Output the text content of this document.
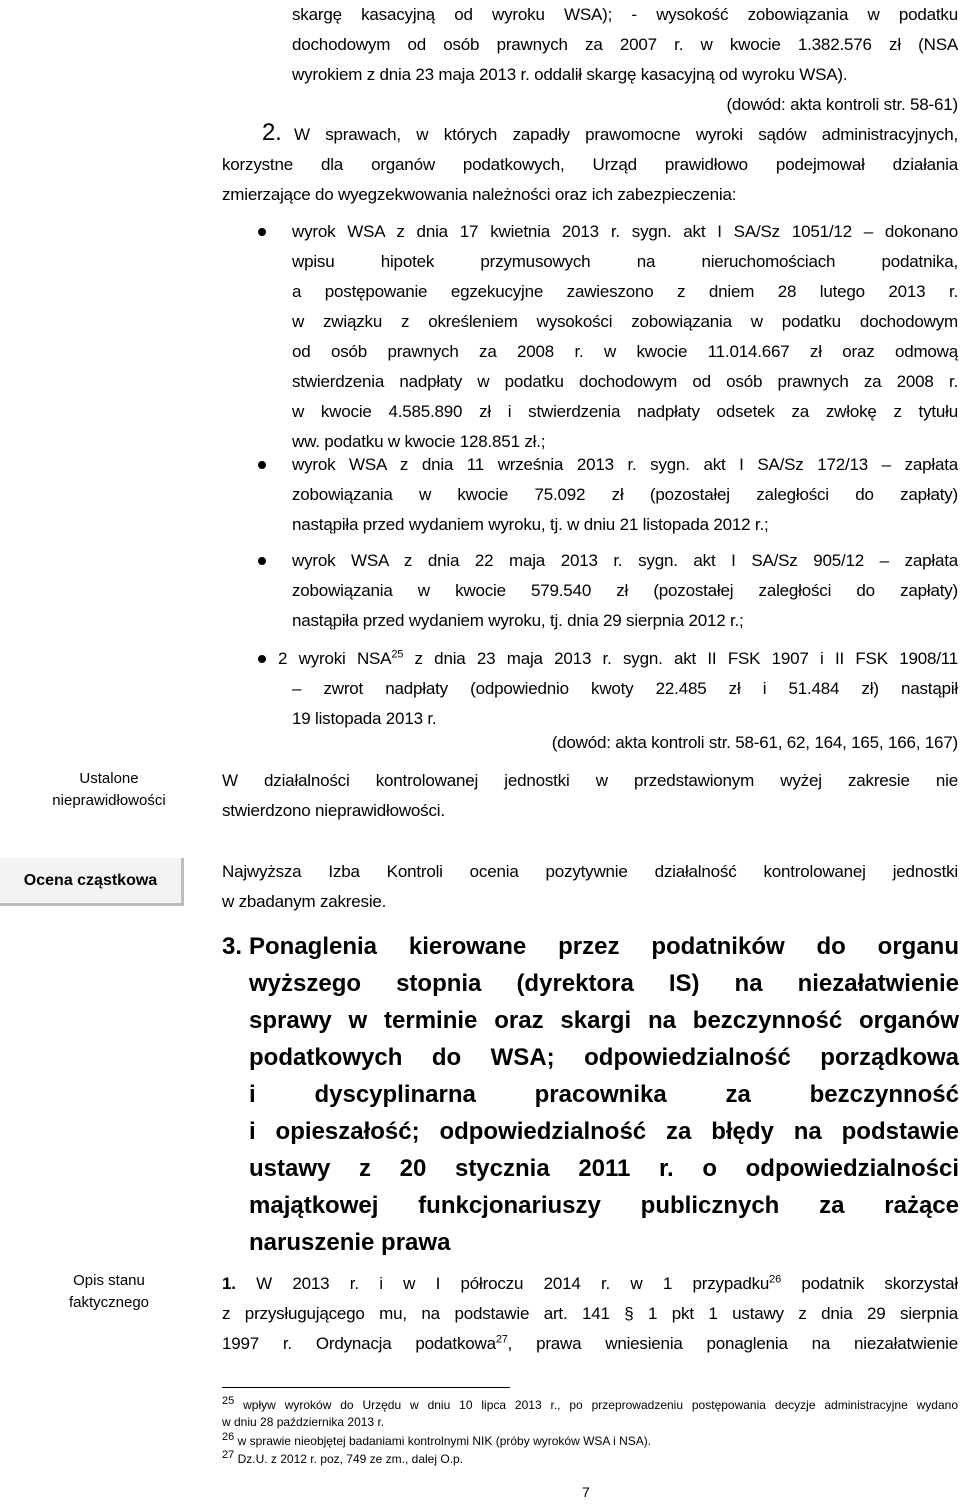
skargę kasacyjną od wyroku WSA); - wysokość zobowiązania w podatku
dochodowym od osób prawnych za 2007 r. w kwocie 1.382.576 zł (NSA
wyrokiem z dnia 23 maja 2013 r. oddalił skargę kasacyjną od wyroku WSA).
(dowód: akta kontroli str. 58-61)
2. W sprawach, w których zapadły prawomocne wyroki sądów administracyjnych,
korzystne dla organów podatkowych, Urząd prawidłowo podejmował działania
zmierzające do wyegzekwowania należności oraz ich zabezpieczenia:
wyrok WSA z dnia 17 kwietnia 2013 r. sygn. akt I SA/Sz 1051/12 – dokonano
wpisu hipotek przymusowych na nieruchomościach podatnika,
a postępowanie egzekucyjne zawieszono z dniem 28 lutego 2013 r.
w związku z określeniem wysokości zobowiązania w podatku dochodowym
od osób prawnych za 2008 r. w kwocie 11.014.667 zł oraz odmową
stwierdzenia nadpłaty w podatku dochodowym od osób prawnych za 2008 r.
w kwocie 4.585.890 zł i stwierdzenia nadpłaty odsetek za zwłokę z tytułu
ww. podatku w kwocie 128.851 zł.;
wyrok WSA z dnia 11 września 2013 r. sygn. akt I SA/Sz 172/13 – zapłata
zobowiązania w kwocie 75.092 zł (pozostałej zaległości do zapłaty)
nastąpiła przed wydaniem wyroku, tj. w dniu 21 listopada 2012 r.;
wyrok WSA z dnia 22 maja 2013 r. sygn. akt I SA/Sz 905/12 – zapłata
zobowiązania w kwocie 579.540 zł (pozostałej zaległości do zapłaty)
nastąpiła przed wydaniem wyroku, tj. dnia 29 sierpnia 2012 r.;
2 wyroki NSA$^{25}$ z dnia 23 maja 2013 r. sygn. akt II FSK 1907 i II FSK 1908/11
– zwrot nadpłaty (odpowiednio kwoty 22.485 zł i 51.484 zł) nastąpił
19 listopada 2013 r.
(dowód: akta kontroli str. 58-61, 62, 164, 165, 166, 167)
Ustalone
nieprawidłowości
W działalności kontrolowanej jednostki w przedstawionym wyżej zakresie nie
stwierdzono nieprawidłowości.
Ocena cząstkowa	Najwyższa Izba Kontroli ocenia pozytywnie działalność kontrolowanej jednostki
w zbadanym zakresie.
3. Ponaglenia kierowane przez podatników do organu
wyższego stopnia (dyrektora IS) na niezałatwienie
sprawy w terminie oraz skargi na bezczynność organów
podatkowych do WSA; odpowiedzialność porządkowa
i dyscyplinarna pracownika za bezczynność
i opieszałość; odpowiedzialność za błędy na podstawie
ustawy z 20 stycznia 2011 r. o odpowiedzialności
majątkowej funkcjonariuszy publicznych za rażące
naruszenie prawa
Opis stanu
faktycznego
1. W 2013 r. i w I półroczu 2014 r. w 1 przypadku$^{26}$ podatnik skorzystał
z przysługującego mu, na podstawie art. 141 § 1 pkt 1 ustawy z dnia 29 sierpnia
1997 r. Ordynacja podatkowa$^{27}$, prawa wniesienia ponaglenia na niezałatwienie
$^{25}$ wpływ wyroków do Urzędu w dniu 10 lipca 2013 r., po przeprowadzeniu postępowania decyzje administracyjne wydano
w dniu 28 października 2013 r.
$^{26}$ w sprawie nieobjętej badaniami kontrolnymi NIK (próby wyroków WSA i NSA).
$^{27}$ Dz.U. z 2012 r. poz, 749 ze zm., dalej O.p.
7
